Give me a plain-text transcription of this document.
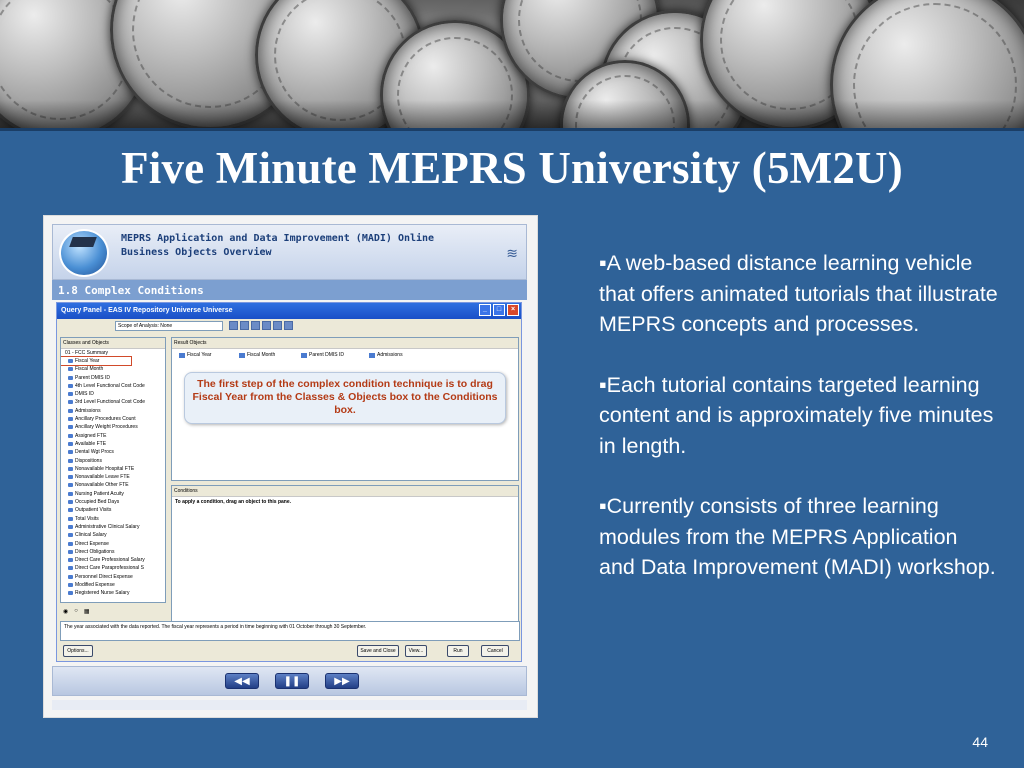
Five Minute MEPRS University (5M2U)
MEPRS Application and Data Improvement (MADI) Online
Business Objects Overview	≋
1.8 Complex Conditions
Query Panel - EAS IV Repository Universe Universe	_	□	×
Scope of Analysis: None
Classes and Objects
01 - FCC Summary
Fiscal Year
Fiscal Month
Parent DMIS ID
4th Level Functional Cost Code
DMIS ID
3rd Level Functional Cost Code
Admissions
Ancillary Procedures Count
Ancillary Weight Procedures
Assigned FTE
Available FTE
Dental Wgt Procs
Dispositions
Nonavailable Hospital FTE
Nonavailable Leave FTE
Nonavailable Other FTE
Nursing Patient Acuity
Occupied Bed Days
Outpatient Visits
Total Visits
Administrative Clinical Salary
Clinical Salary
Direct Expense
Direct Obligations
Direct Care Professional Salary
Direct Care Paraprofessional S
Personnel Direct Expense
Modified Expense
Registered Nurse Salary
Result Objects
Fiscal Year	Fiscal Month	Parent DMIS ID	Admissions
The first step of the complex condition technique is to drag Fiscal Year from the Classes & Objects box to the Conditions box.
Conditions
To apply a condition, drag an object to this pane.
◉ ○ ▦
The year associated with the data reported. The fiscal year represents a period in time beginning with 01 October through 30 September.
Options...	Save and Close	View...	Run	Cancel
◀◀	❚❚	▶▶

▪A web-based distance learning vehicle that offers animated tutorials that illustrate MEPRS concepts and processes.

▪Each tutorial contains targeted learning content and is approximately five minutes in length.

▪Currently consists of three learning modules from the MEPRS Application and Data Improvement (MADI) workshop.

44
